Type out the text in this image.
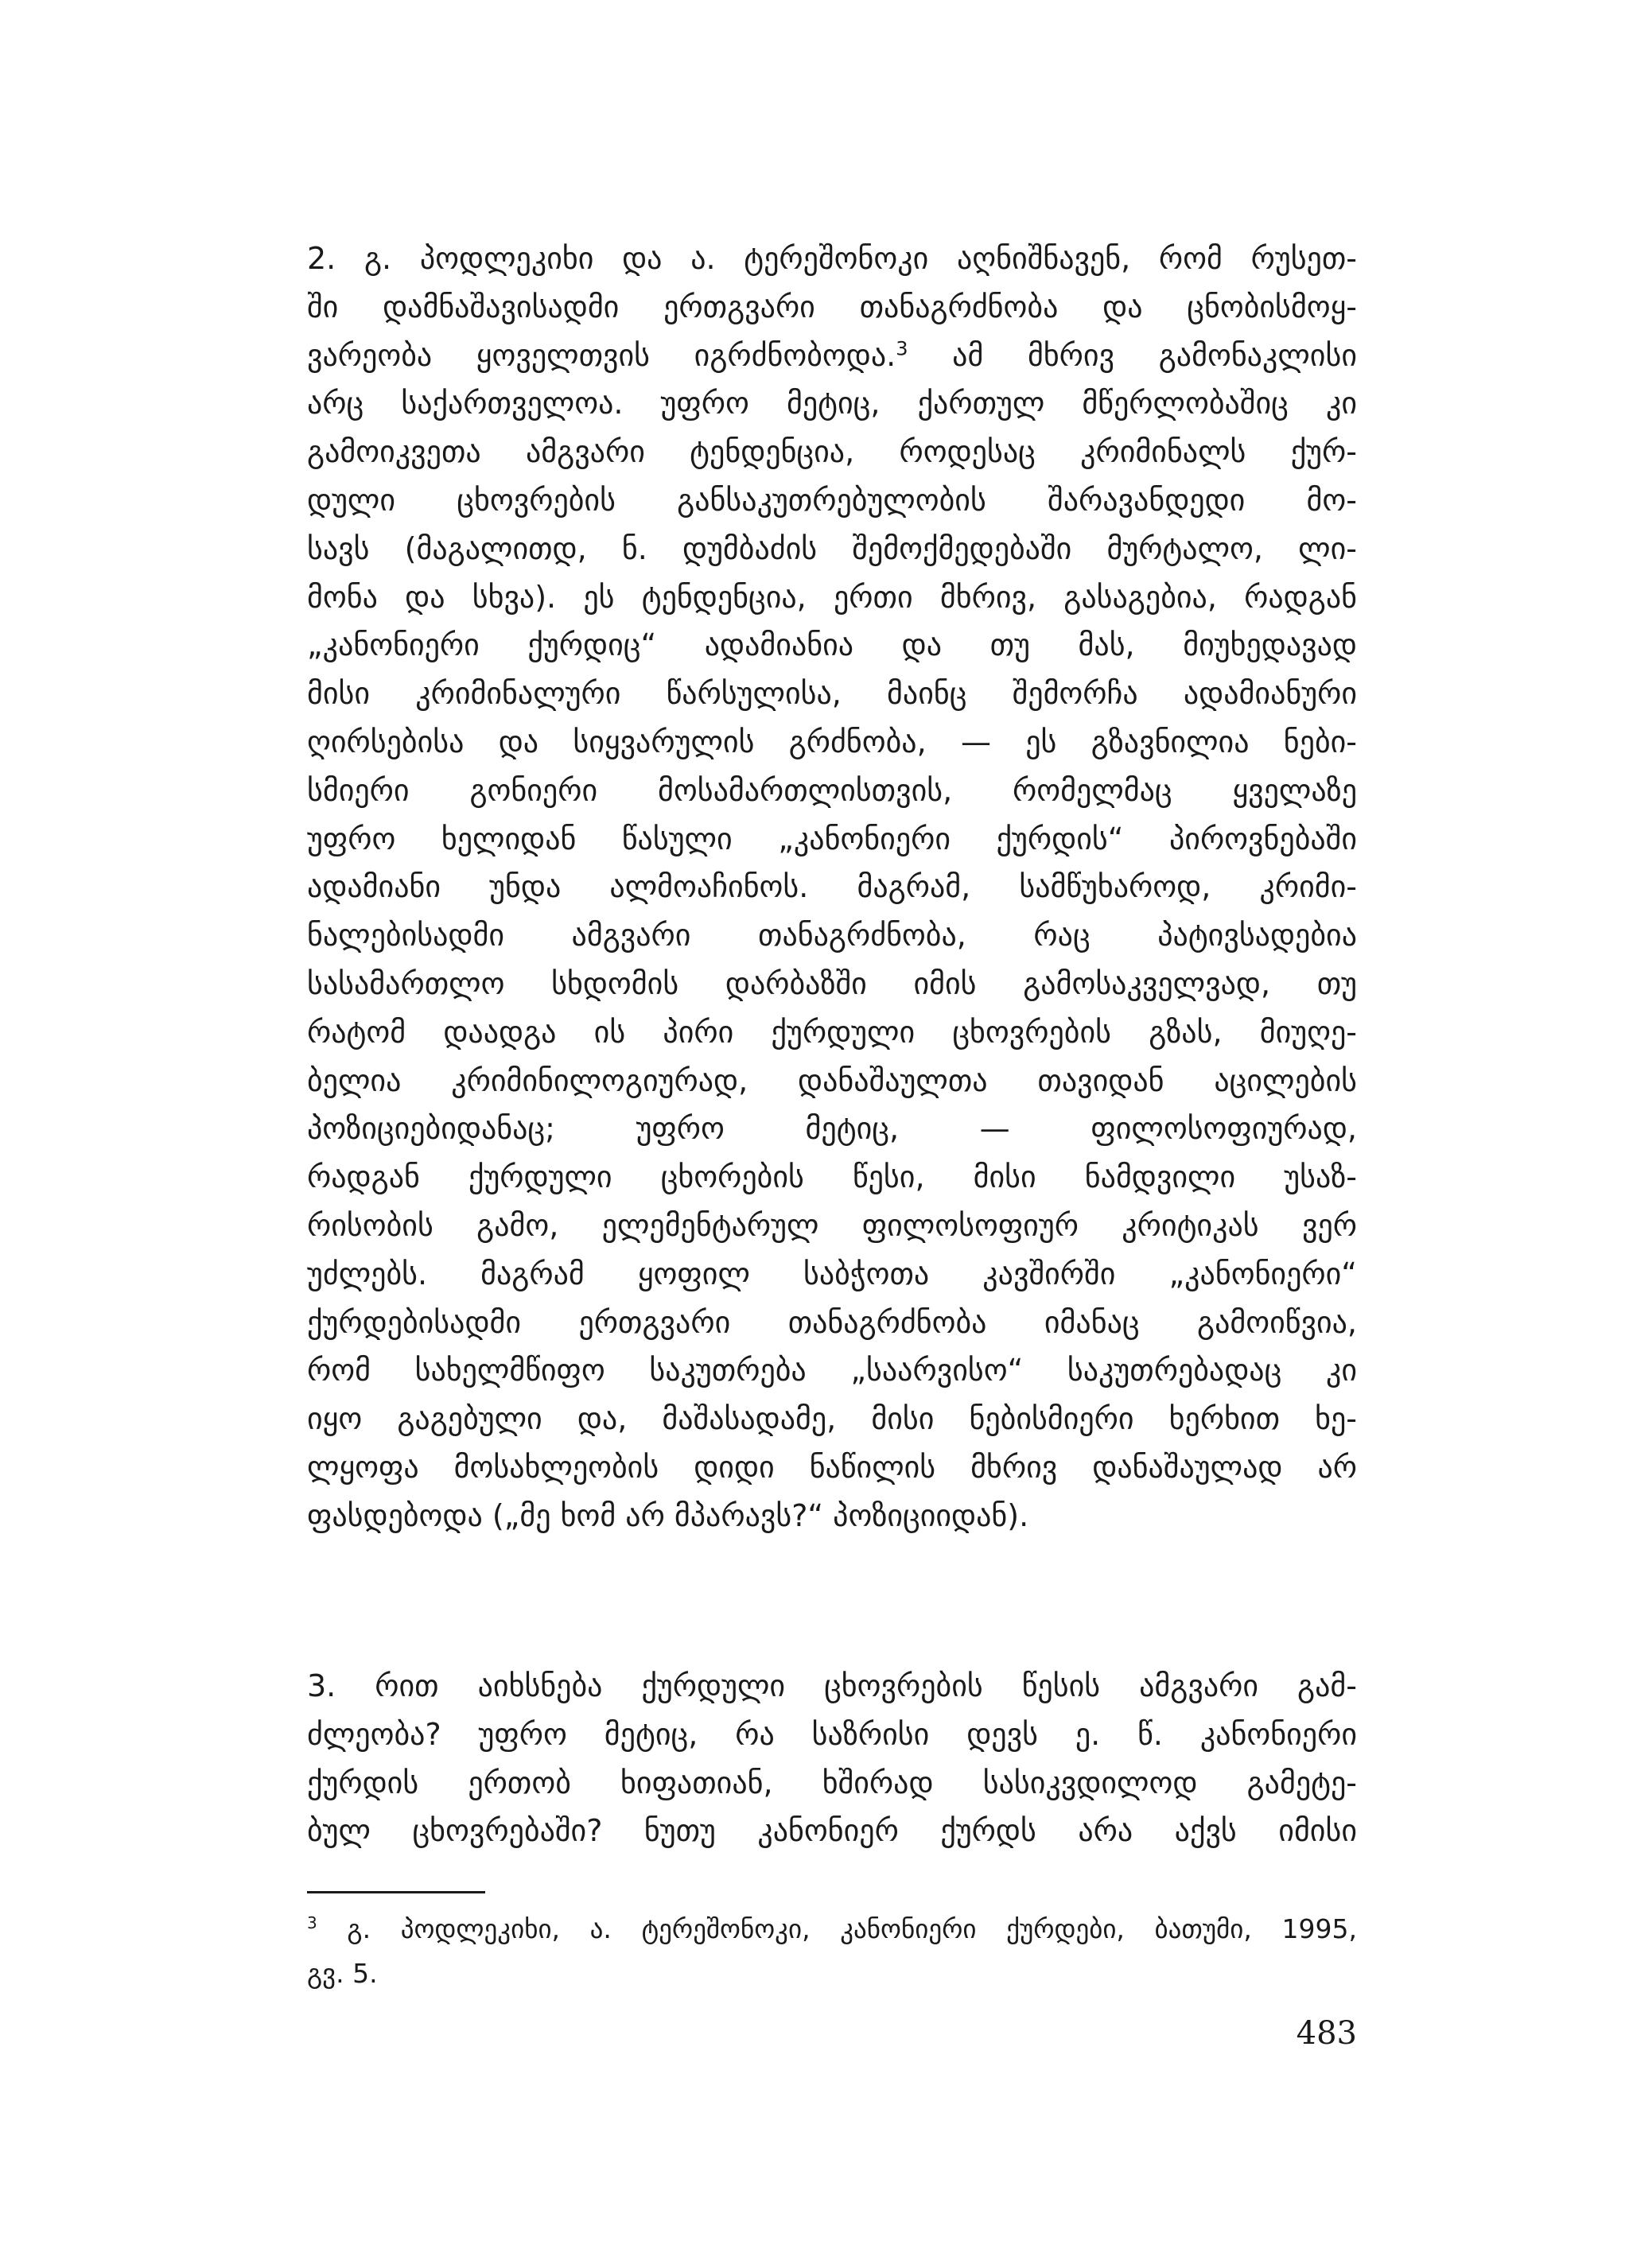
2. გ. პოდლეკიხი და ა. ტერეშონოკი აღნიშნავენ, რომ რუსეთ-
ში დამნაშავისადმი ერთგვარი თანაგრძნობა და ცნობისმოყ-
ვარეობა ყოველთვის იგრძნობოდა.$^3$ ამ მხრივ გამონაკლისი
არც საქართველოა. უფრო მეტიც, ქართულ მწერლობაშიც კი
გამოიკვეთა ამგვარი ტენდენცია, როდესაც კრიმინალს ქურ-
დული ცხოვრების განსაკუთრებულობის შარავანდედი მო-
სავს (მაგალითდ, ნ. დუმბაძის შემოქმედებაში მურტალო, ლი-
მონა და სხვა). ეს ტენდენცია, ერთი მხრივ, გასაგებია, რადგან
„კანონიერი ქურდიც“ ადამიანია და თუ მას, მიუხედავად
მისი კრიმინალური წარსულისა, მაინც შემორჩა ადამიანური
ღირსებისა და სიყვარულის გრძნობა, — ეს გზავნილია ნები-
სმიერი გონიერი მოსამართლისთვის, რომელმაც ყველაზე
უფრო ხელიდან წასული „კანონიერი ქურდის“ პიროვნებაში
ადამიანი უნდა ალმოაჩინოს. მაგრამ, სამწუხაროდ, კრიმი-
ნალებისადმი ამგვარი თანაგრძნობა, რაც პატივსადებია
სასამართლო სხდომის დარბაზში იმის გამოსაკველვად, თუ
რატომ დაადგა ის პირი ქურდული ცხოვრების გზას, მიუღე-
ბელია კრიმინილოგიურად, დანაშაულთა თავიდან აცილების
პოზიციებიდანაც; უფრო მეტიც, — ფილოსოფიურად,
რადგან ქურდული ცხორების წესი, მისი ნამდვილი უსაზ-
რისობის გამო, ელემენტარულ ფილოსოფიურ კრიტიკას ვერ
უძლებს. მაგრამ ყოფილ საბჭოთა კავშირში „კანონიერი“
ქურდებისადმი ერთგვარი თანაგრძნობა იმანაც გამოიწვია,
რომ სახელმწიფო საკუთრება „საარვისო“ საკუთრებადაც კი
იყო გაგებული და, მაშასადამე, მისი ნებისმიერი ხერხით ხე-
ლყოფა მოსახლეობის დიდი ნაწილის მხრივ დანაშაულად არ
ფასდებოდა („მე ხომ არ მპარავს?“ პოზიციიდან).
3. რით აიხსნება ქურდული ცხოვრების წესის ამგვარი გამ-
ძლეობა? უფრო მეტიც, რა საზრისი დევს ე. წ. კანონიერი
ქურდის ერთობ ხიფათიან, ხშირად სასიკვდილოდ გამეტე-
ბულ ცხოვრებაში? ნუთუ კანონიერ ქურდს არა აქვს იმისი
$^3$ გ. პოდლეკიხი, ა. ტერეშონოკი, კანონიერი ქურდები, ბათუმი, 1995,
გვ. 5.
483
